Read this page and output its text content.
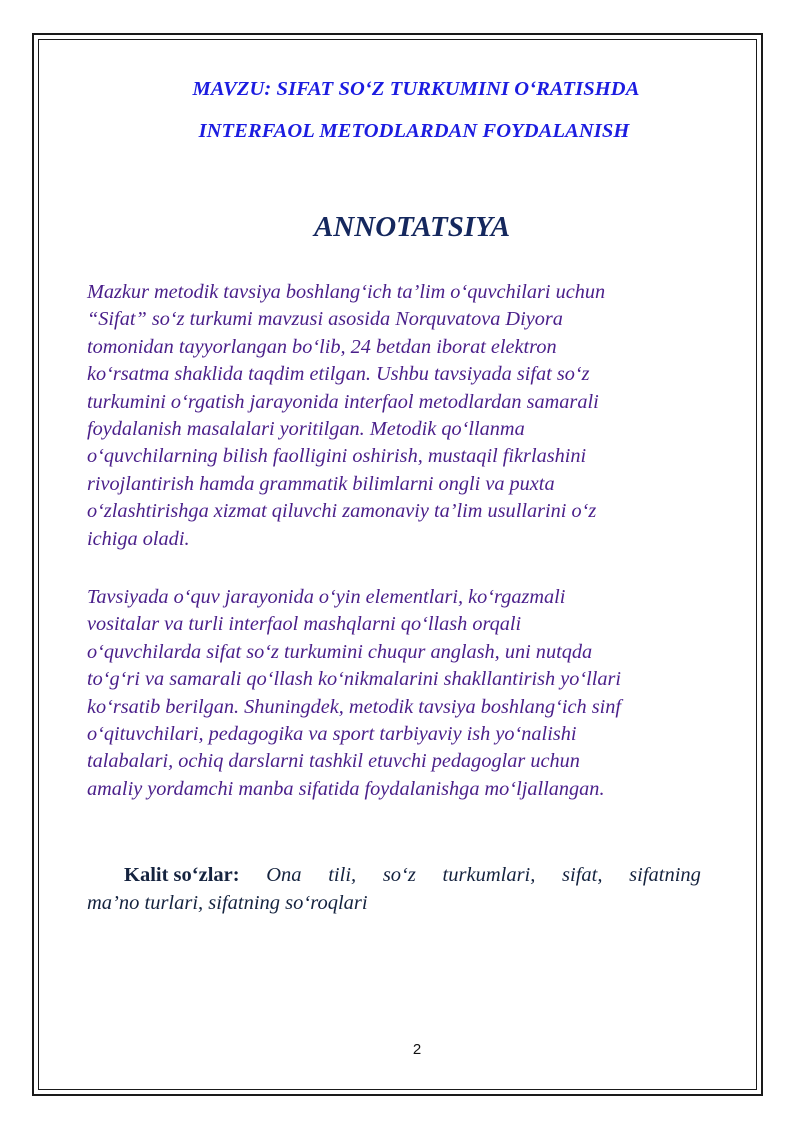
MAVZU: SIFAT SO‘Z TURKUMINI O‘RATISHDA
INTERFAOL METODLARDAN FOYDALANISH
ANNOTATSIYA
Mazkur metodik tavsiya boshlang‘ich ta’lim o‘quvchilari uchun
“Sifat” so‘z turkumi mavzusi asosida Norquvatova Diyora
tomonidan tayyorlangan bo‘lib, 24 betdan iborat elektron
ko‘rsatma shaklida taqdim etilgan. Ushbu tavsiyada sifat so‘z
turkumini o‘rgatish jarayonida interfaol metodlardan samarali
foydalanish masalalari yoritilgan. Metodik qo‘llanma
o‘quvchilarning bilish faolligini oshirish, mustaqil fikrlashini
rivojlantirish hamda grammatik bilimlarni ongli va puxta
o‘zlashtirishga xizmat qiluvchi zamonaviy ta’lim usullarini o‘z
ichiga oladi.
Tavsiyada o‘quv jarayonida o‘yin elementlari, ko‘rgazmali
vositalar va turli interfaol mashqlarni qo‘llash orqali
o‘quvchilarda sifat so‘z turkumini chuqur anglash, uni nutqda
to‘g‘ri va samarali qo‘llash ko‘nikmalarini shakllantirish yo‘llari
ko‘rsatib berilgan. Shuningdek, metodik tavsiya boshlang‘ich sinf
o‘qituvchilari, pedagogika va sport tarbiyaviy ish yo‘nalishi
talabalari, ochiq darslarni tashkil etuvchi pedagoglar uchun
amaliy yordamchi manba sifatida foydalanishga mo‘ljallangan.
Kalit so‘zlar: Ona tili, so‘z turkumlari, sifat, sifatning
ma’no turlari, sifatning so‘roqlari
2
